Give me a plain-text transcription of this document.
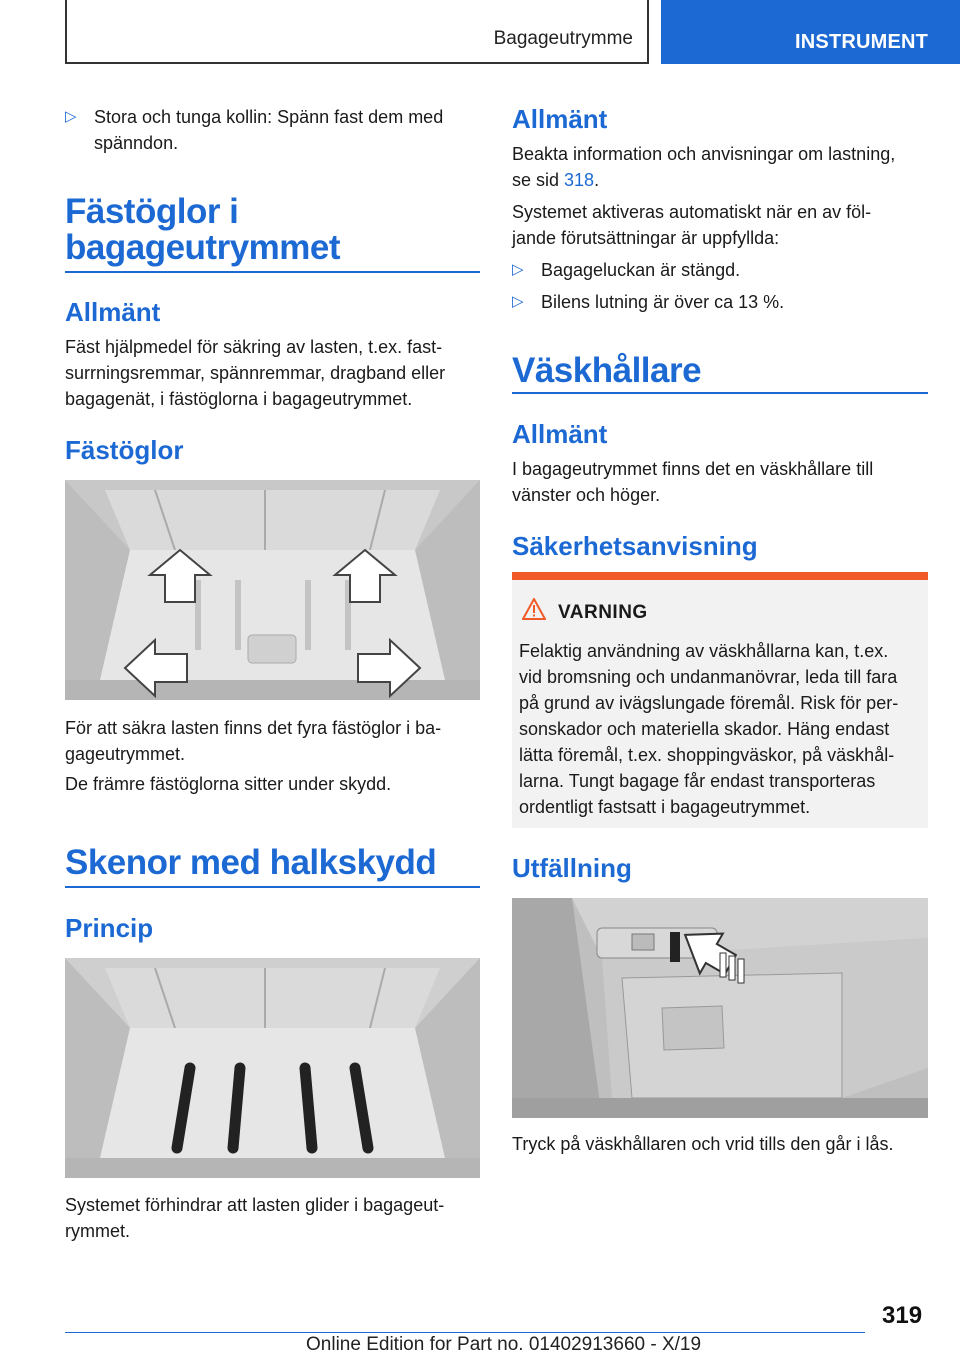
Bagageutrymme	INSTRUMENT
▷ Stora och tunga kollin: Spänn fast dem med
spänndon.
Fästöglor i
bagageutrymmet
Allmänt
Fäst hjälpmedel för säkring av lasten, t.ex. fast-
surrningsremmar, spännremmar, dragband eller
bagagenät, i fästöglorna i bagageutrymmet.
Fästöglor
För att säkra lasten finns det fyra fästöglor i ba-
gageutrymmet.
De främre fästöglorna sitter under skydd.
Skenor med halkskydd
Princip
Systemet förhindrar att lasten glider i bagageut-
rymmet.
Allmänt
Beakta information och anvisningar om lastning,
se sid 318.
Systemet aktiveras automatiskt när en av föl-
jande förutsättningar är uppfyllda:
▷ Bagageluckan är stängd.
▷ Bilens lutning är över ca 13 %.
Väskhållare
Allmänt
I bagageutrymmet finns det en väskhållare till
vänster och höger.
Säkerhetsanvisning
VARNING
Felaktig användning av väskhållarna kan, t.ex.
vid bromsning och undanmanövrar, leda till fara
på grund av ivägslungade föremål. Risk för per-
sonskador och materiella skador. Häng endast
lätta föremål, t.ex. shoppingväskor, på väskhål-
larna. Tungt bagage får endast transporteras
ordentligt fastsatt i bagageutrymmet.
Utfällning
Tryck på väskhållaren och vrid tills den går i lås.
319
Online Edition for Part no. 01402913660 - X/19
